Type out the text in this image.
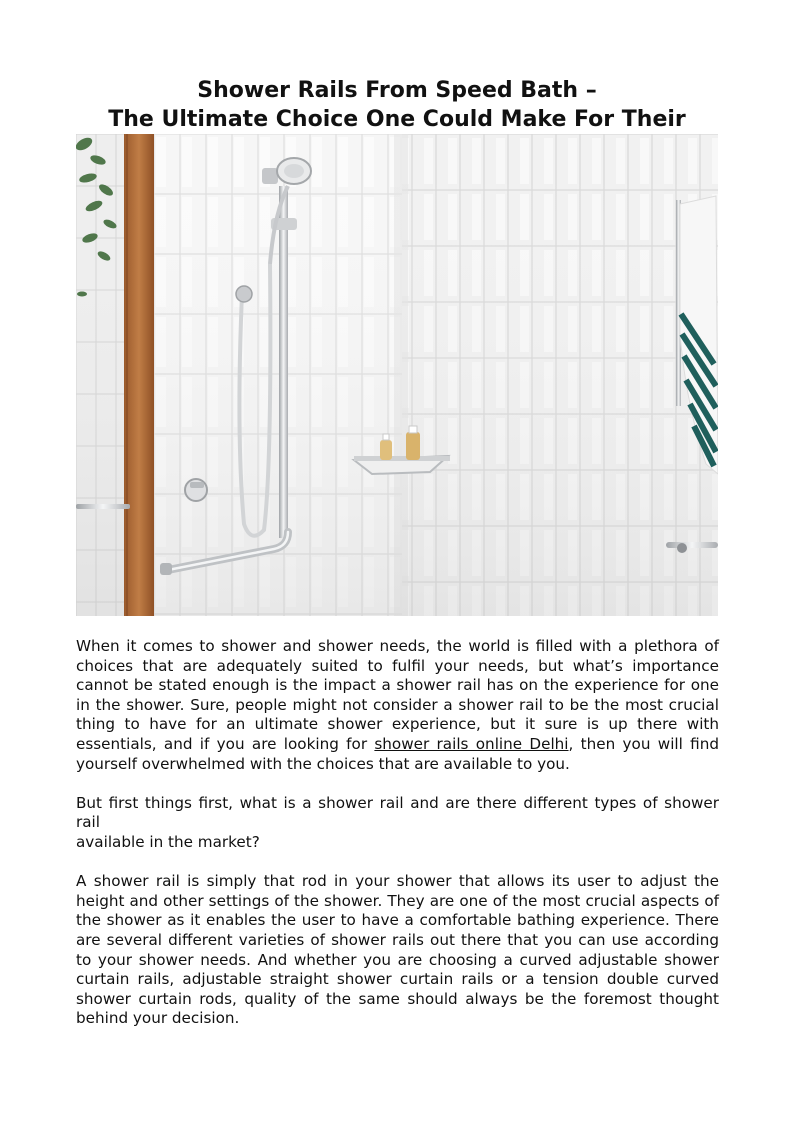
Shower Rails From Speed Bath –
The Ultimate Choice One Could Make For Their

When it comes to shower and shower needs, the world is filled with a plethora of choices that are adequately suited to fulfil your needs, but what’s importance cannot be stated enough is the impact a shower rail has on the experience for one in the shower. Sure, people might not consider a shower rail to be the most crucial thing to have for an ultimate shower experience, but it sure is up there with essentials, and if you are looking for shower rails online Delhi, then you will find yourself overwhelmed with the choices that are available to you.

But first things first, what is a shower rail and are there different types of shower rail
available in the market?

A shower rail is simply that rod in your shower that allows its user to adjust the height and other settings of the shower. They are one of the most crucial aspects of the shower as it enables the user to have a comfortable bathing experience. There are several different varieties of shower rails out there that you can use according to your shower needs. And whether you are choosing a curved adjustable shower curtain rails, adjustable straight shower curtain rails or a tension double curved shower curtain rods, quality of the same should always be the foremost thought behind your decision.
